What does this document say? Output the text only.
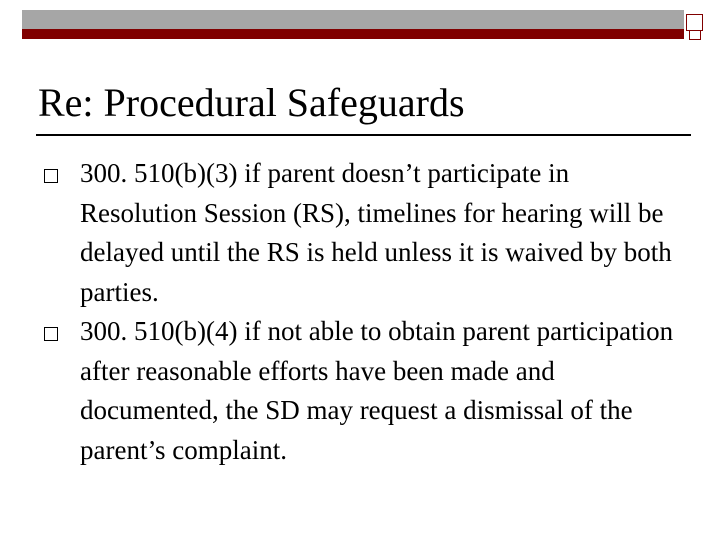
Re: Procedural Safeguards
300. 510(b)(3) if parent doesn’t participate in Resolution Session (RS), timelines for hearing will be delayed until the RS is held unless it is waived by both parties.
300. 510(b)(4) if not able to obtain parent participation after reasonable efforts have been made and documented, the SD may request a dismissal of the parent’s complaint.
